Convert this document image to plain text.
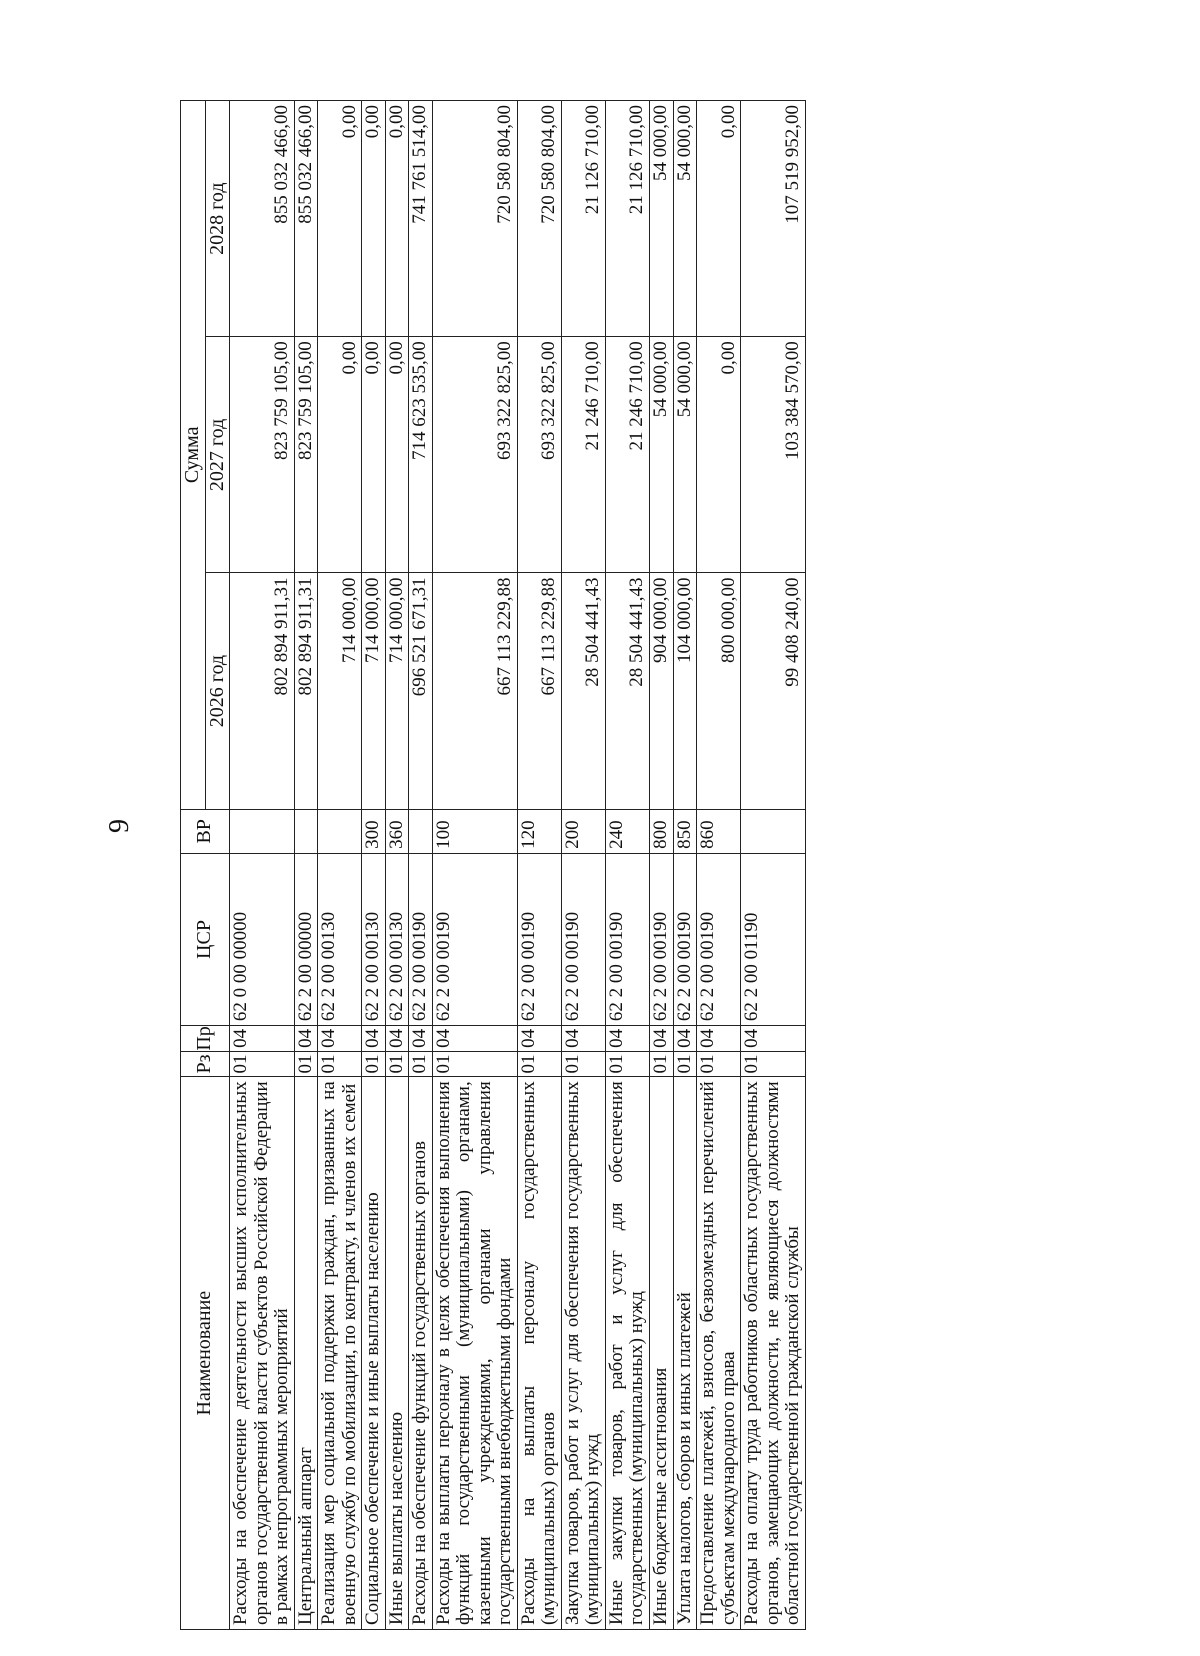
9
Наименование	Рз	Пр	ЦСР	ВР	Сумма		
					2026 год	2027 год	2028 год
Расходы на обеспечение деятельности высших исполнительных органов государственной власти субъектов Российской Федерации в рамках непрограммных мероприятий	01	04	62 0 00 00000		802 894 911,31	823 759 105,00	855 032 466,00
Центральный аппарат	01	04	62 2 00 00000		802 894 911,31	823 759 105,00	855 032 466,00
Реализация мер социальной поддержки граждан, призванных на военную службу по мобилизации, по контракту, и членов их семей	01	04	62 2 00 00130		714 000,00	0,00	0,00
Социальное обеспечение и иные выплаты населению	01	04	62 2 00 00130	300	714 000,00	0,00	0,00
Иные выплаты населению	01	04	62 2 00 00130	360	714 000,00	0,00	0,00
Расходы на обеспечение функций государственных органов	01	04	62 2 00 00190		696 521 671,31	714 623 535,00	741 761 514,00
Расходы на выплаты персоналу в целях обеспечения выполнения функций государственными (муниципальными) органами, казенными учреждениями, органами управления государственными внебюджетными фондами	01	04	62 2 00 00190	100	667 113 229,88	693 322 825,00	720 580 804,00
Расходы на выплаты персоналу государственных (муниципальных) органов	01	04	62 2 00 00190	120	667 113 229,88	693 322 825,00	720 580 804,00
Закупка товаров, работ и услуг для обеспечения государственных (муниципальных) нужд	01	04	62 2 00 00190	200	28 504 441,43	21 246 710,00	21 126 710,00
Иные закупки товаров, работ и услуг для обеспечения государственных (муниципальных) нужд	01	04	62 2 00 00190	240	28 504 441,43	21 246 710,00	21 126 710,00
Иные бюджетные ассигнования	01	04	62 2 00 00190	800	904 000,00	54 000,00	54 000,00
Уплата налогов, сборов и иных платежей	01	04	62 2 00 00190	850	104 000,00	54 000,00	54 000,00
Предоставление платежей, взносов, безвозмездных перечислений субъектам международного права	01	04	62 2 00 00190	860	800 000,00	0,00	0,00
Расходы на оплату труда работников областных государственных органов, замещающих должности, не являющиеся должностями областной государственной гражданской службы	01	04	62 2 00 01190		99 408 240,00	103 384 570,00	107 519 952,00
